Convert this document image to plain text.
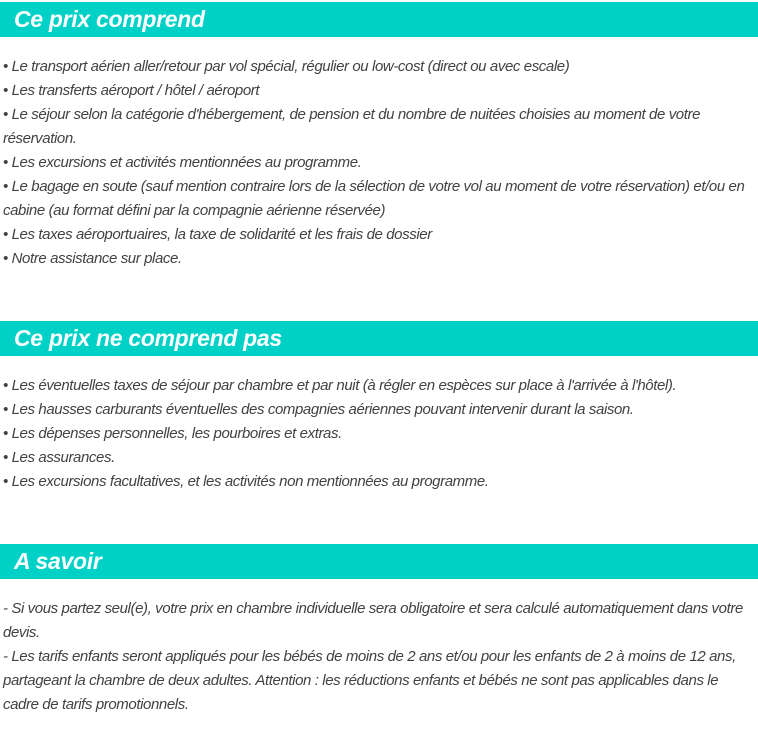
Ce prix comprend

• Le transport aérien aller/retour par vol spécial, régulier ou low-cost (direct ou avec escale)

• Les transferts aéroport / hôtel / aéroport

• Le séjour selon la catégorie d'hébergement, de pension et du nombre de nuitées choisies au moment de votre réservation.

• Les excursions et activités mentionnées au programme.

• Le bagage en soute (sauf mention contraire lors de la sélection de votre vol au moment de votre réservation) et/ou en cabine (au format défini par la compagnie aérienne réservée)

• Les taxes aéroportuaires, la taxe de solidarité et les frais de dossier

• Notre assistance sur place.

Ce prix ne comprend pas

• Les éventuelles taxes de séjour par chambre et par nuit (à régler en espèces sur place à l'arrivée à l'hôtel).

• Les hausses carburants éventuelles des compagnies aériennes pouvant intervenir durant la saison.

• Les dépenses personnelles, les pourboires et extras.

• Les assurances.

• Les excursions facultatives, et les activités non mentionnées au programme.

A savoir

- Si vous partez seul(e), votre prix en chambre individuelle sera obligatoire et sera calculé automatiquement dans votre devis.

- Les tarifs enfants seront appliqués pour les bébés de moins de 2 ans et/ou pour les enfants de 2 à moins de 12 ans, partageant la chambre de deux adultes. Attention : les réductions enfants et bébés ne sont pas applicables dans le cadre de tarifs promotionnels.
